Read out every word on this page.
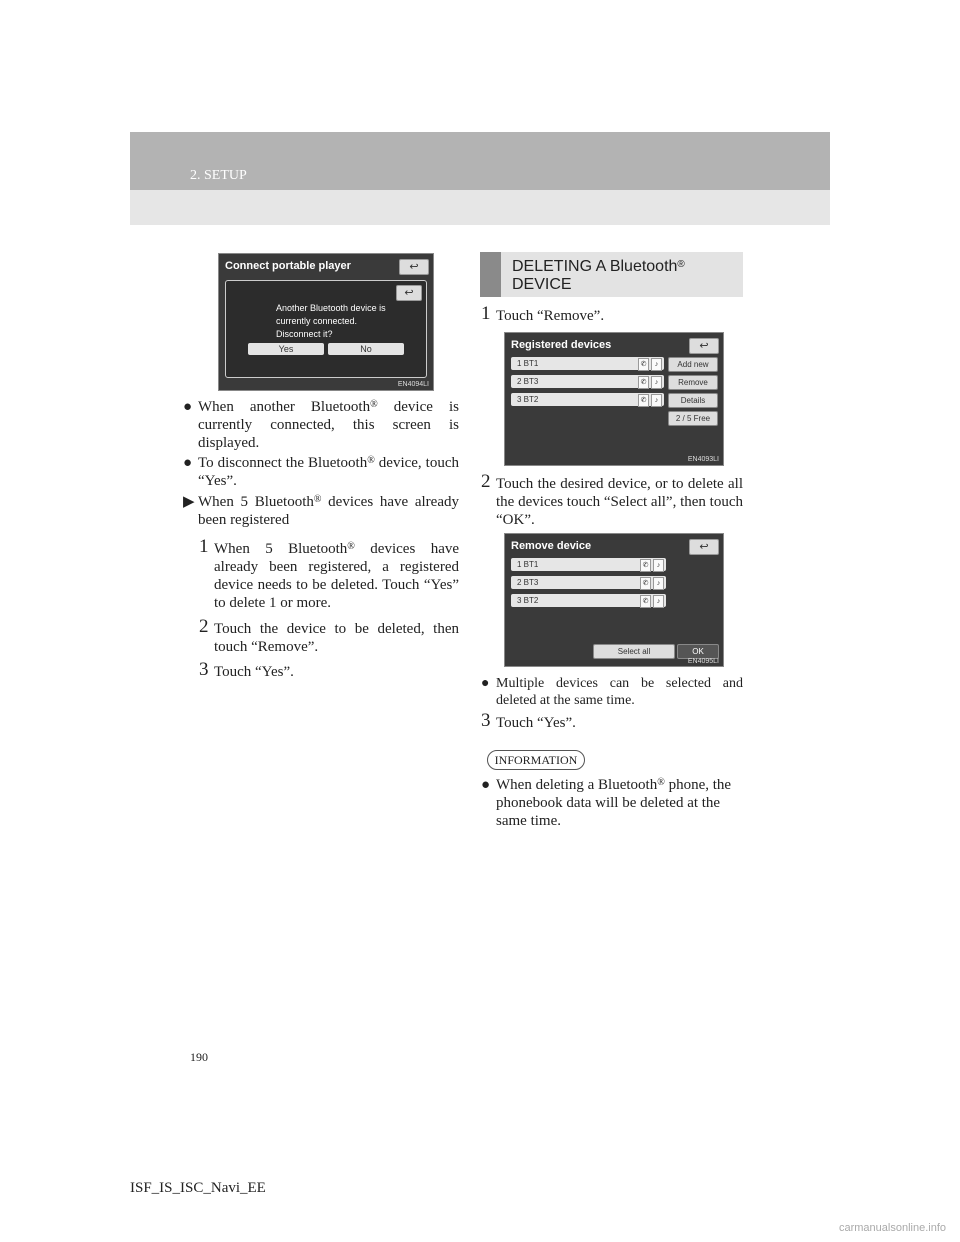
2. SETUP
Connect portable player	↩
↩
Another Bluetooth device is
currently connected.
Disconnect it?
Yes	No
EN4094LI
● When another Bluetooth® device is currently connected, this screen is displayed.
● To disconnect the Bluetooth® device, touch “Yes”.
▶ When 5 Bluetooth® devices have already been registered
1 When 5 Bluetooth® devices have already been registered, a registered device needs to be deleted. Touch “Yes” to delete 1 or more.
2 Touch the device to be deleted, then touch “Remove”.
3 Touch “Yes”.
DELETING A Bluetooth®
DEVICE
1 Touch “Remove”.
Registered devices	↩
1 BT1	✆	♪
2 BT3	✆	♪
3 BT2	✆	♪
Add new
Remove
Details
2 / 5 Free
EN4093LI
2 Touch the desired device, or to delete all the devices touch “Select all”, then touch “OK”.
Remove device	↩
1 BT1	✆	♪
2 BT3	✆	♪
3 BT2	✆	♪
Select all	OK
EN4095LI
● Multiple devices can be selected and deleted at the same time.
3 Touch “Yes”.
INFORMATION
● When deleting a Bluetooth® phone, the phonebook data will be deleted at the same time.
190
ISF_IS_ISC_Navi_EE
carmanualsonline.info
